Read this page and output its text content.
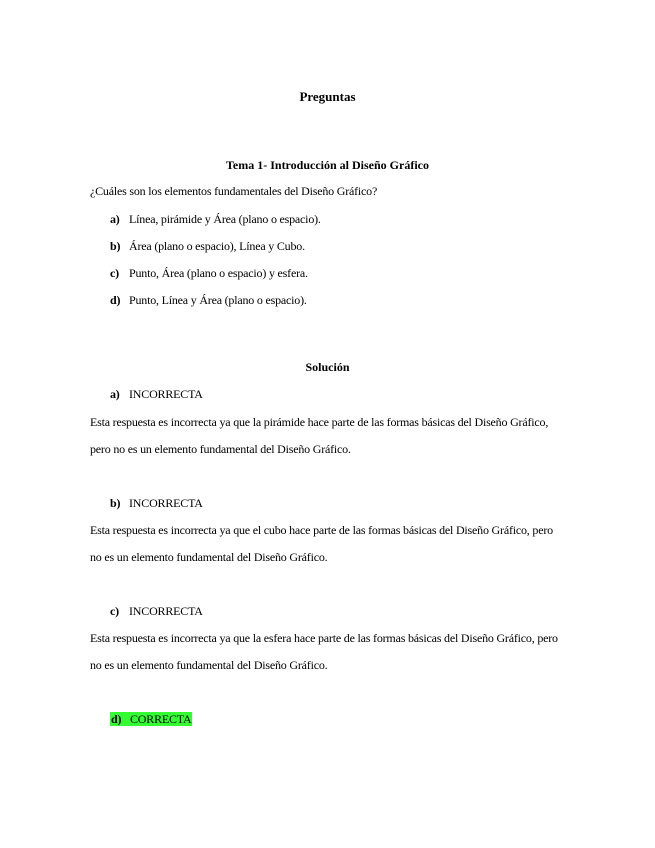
Preguntas
Tema 1- Introducción al Diseño Gráfico
¿Cuáles son los elementos fundamentales del Diseño Gráfico?
a) Línea, pirámide y Área (plano o espacio).
b) Área (plano o espacio), Línea y Cubo.
c) Punto, Área (plano o espacio) y esfera.
d) Punto, Línea y Área (plano o espacio).
Solución
a) INCORRECTA
Esta respuesta es incorrecta ya que la pirámide hace parte de las formas básicas del Diseño Gráfico,
pero no es un elemento fundamental del Diseño Gráfico.
b) INCORRECTA
Esta respuesta es incorrecta ya que el cubo hace parte de las formas básicas del Diseño Gráfico, pero
no es un elemento fundamental del Diseño Gráfico.
c) INCORRECTA
Esta respuesta es incorrecta ya que la esfera hace parte de las formas básicas del Diseño Gráfico, pero
no es un elemento fundamental del Diseño Gráfico.
d) CORRECTA
